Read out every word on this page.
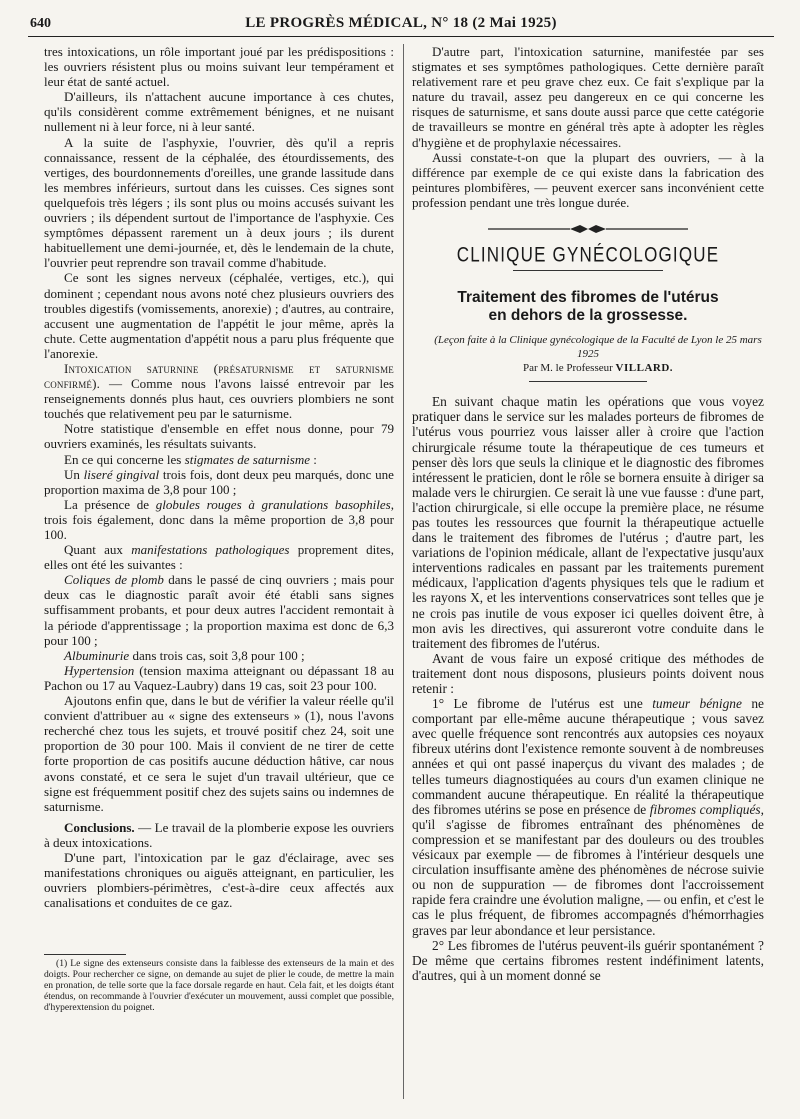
640	LE PROGRÈS MÉDICAL, N° 18 (2 Mai 1925)

tres intoxications, un rôle important joué par les prédispositions : les ouvriers résistent plus ou moins suivant leur tempérament et leur état de santé actuel.

D'ailleurs, ils n'attachent aucune importance à ces chutes, qu'ils considèrent comme extrêmement bénignes, et ne nuisant nullement ni à leur force, ni à leur santé.

A la suite de l'asphyxie, l'ouvrier, dès qu'il a repris connaissance, ressent de la céphalée, des étourdissements, des vertiges, des bourdonnements d'oreilles, une grande lassitude dans les membres inférieurs, surtout dans les cuisses. Ces signes sont quelquefois très légers ; ils sont plus ou moins accusés suivant les ouvriers ; ils dépendent surtout de l'importance de l'asphyxie. Ces symptômes dépassent rarement un à deux jours ; ils durent habituellement une demi-journée, et, dès le lendemain de la chute, l'ouvrier peut reprendre son travail comme d'habitude.

Ce sont les signes nerveux (céphalée, vertiges, etc.), qui dominent ; cependant nous avons noté chez plusieurs ouvriers des troubles digestifs (vomissements, anorexie) ; d'autres, au contraire, accusent une augmentation de l'appétit le jour même, après la chute. Cette augmentation d'appétit nous a paru plus fréquente que l'anorexie.

Intoxication saturnine (présaturnisme et saturnisme confirmé). — Comme nous l'avons laissé entrevoir par les renseignements donnés plus haut, ces ouvriers plombiers ne sont touchés que relativement peu par le saturnisme.

Notre statistique d'ensemble en effet nous donne, pour 79 ouvriers examinés, les résultats suivants.

En ce qui concerne les stigmates de saturnisme :

Un liseré gingival trois fois, dont deux peu marqués, donc une proportion maxima de 3,8 pour 100 ;

La présence de globules rouges à granulations basophiles, trois fois également, donc dans la même proportion de 3,8 pour 100.

Quant aux manifestations pathologiques proprement dites, elles ont été les suivantes :

Coliques de plomb dans le passé de cinq ouvriers ; mais pour deux cas le diagnostic paraît avoir été établi sans signes suffisamment probants, et pour deux autres l'accident remontait à la période d'apprentissage ; la proportion maxima est donc de 6,3 pour 100 ;

Albuminurie dans trois cas, soit 3,8 pour 100 ;

Hypertension (tension maxima atteignant ou dépassant 18 au Pachon ou 17 au Vaquez-Laubry) dans 19 cas, soit 23 pour 100.

Ajoutons enfin que, dans le but de vérifier la valeur réelle qu'il convient d'attribuer au « signe des extenseurs » (1), nous l'avons recherché chez tous les sujets, et trouvé positif chez 24, soit une proportion de 30 pour 100. Mais il convient de ne tirer de cette forte proportion de cas positifs aucune déduction hâtive, car nous avons constaté, et ce sera le sujet d'un travail ultérieur, que ce signe est fréquemment positif chez des sujets sains ou indemnes de saturnisme.

Conclusions. — Le travail de la plomberie expose les ouvriers à deux intoxications.

D'une part, l'intoxication par le gaz d'éclairage, avec ses manifestations chroniques ou aiguës atteignant, en particulier, les ouvriers plombiers-périmètres, c'est-à-dire ceux affectés aux canalisations et conduites de ce gaz.

(1) Le signe des extenseurs consiste dans la faiblesse des extenseurs de la main et des doigts. Pour rechercher ce signe, on demande au sujet de plier le coude, de mettre la main en pronation, de telle sorte que la face dorsale regarde en haut. Cela fait, et les doigts étant étendus, on recommande à l'ouvrier d'exécuter un mouvement, aussi complet que possible, d'hyperextension du poignet.

D'autre part, l'intoxication saturnine, manifestée par ses stigmates et ses symptômes pathologiques. Cette dernière paraît relativement rare et peu grave chez eux. Ce fait s'explique par la nature du travail, assez peu dangereux en ce qui concerne les risques de saturnisme, et sans doute aussi parce que cette catégorie de travailleurs se montre en général très apte à adopter les règles d'hygiène et de prophylaxie nécessaires.

Aussi constate-t-on que la plupart des ouvriers, — à la différence par exemple de ce qui existe dans la fabrication des peintures plombifères, — peuvent exercer sans inconvénient cette profession pendant une très longue durée.

CLINIQUE GYNÉCOLOGIQUE
Traitement des fibromes de l'utérus
en dehors de la grossesse.

(Leçon faite à la Clinique gynécologique de la Faculté de Lyon le 25 mars 1925

Par M. le Professeur VILLARD.

En suivant chaque matin les opérations que vous voyez pratiquer dans le service sur les malades porteurs de fibromes de l'utérus vous pourriez vous laisser aller à croire que l'action chirurgicale résume toute la thérapeutique de ces tumeurs et penser dès lors que seuls la clinique et le diagnostic des fibromes intéressent le praticien, dont le rôle se bornera ensuite à diriger sa malade vers le chirurgien. Ce serait là une vue fausse : d'une part, l'action chirurgicale, si elle occupe la première place, ne résume pas toutes les ressources que fournit la thérapeutique actuelle dans le traitement des fibromes de l'utérus ; d'autre part, les variations de l'opinion médicale, allant de l'expectative jusqu'aux interventions radicales en passant par les traitements purement médicaux, l'application d'agents physiques tels que le radium et les rayons X, et les interventions conservatrices sont telles que je ne crois pas inutile de vous exposer ici quelles doivent être, à mon avis les directives, qui assureront votre conduite dans le traitement des fibromes de l'utérus.

Avant de vous faire un exposé critique des méthodes de traitement dont nous disposons, plusieurs points doivent nous retenir :

1° Le fibrome de l'utérus est une tumeur bénigne ne comportant par elle-même aucune thérapeutique ; vous savez avec quelle fréquence sont rencontrés aux autopsies ces noyaux fibreux utérins dont l'existence remonte souvent à de nombreuses années et qui ont passé inaperçus du vivant des malades ; de telles tumeurs diagnostiquées au cours d'un examen clinique ne commandent aucune thérapeutique. En réalité la thérapeutique des fibromes utérins se pose en présence de fibromes compliqués, qu'il s'agisse de fibromes entraînant des phénomènes de compression et se manifestant par des douleurs ou des troubles vésicaux par exemple — de fibromes à l'intérieur desquels une circulation insuffisante amène des phénomènes de nécrose suivie ou non de suppuration — de fibromes dont l'accroissement rapide fera craindre une évolution maligne, — ou enfin, et c'est le cas le plus fréquent, de fibromes accompagnés d'hémorrhagies graves par leur abondance et leur persistance.

2° Les fibromes de l'utérus peuvent-ils guérir spontanément ? De même que certains fibromes restent indéfiniment latents, d'autres, qui à un moment donné se
